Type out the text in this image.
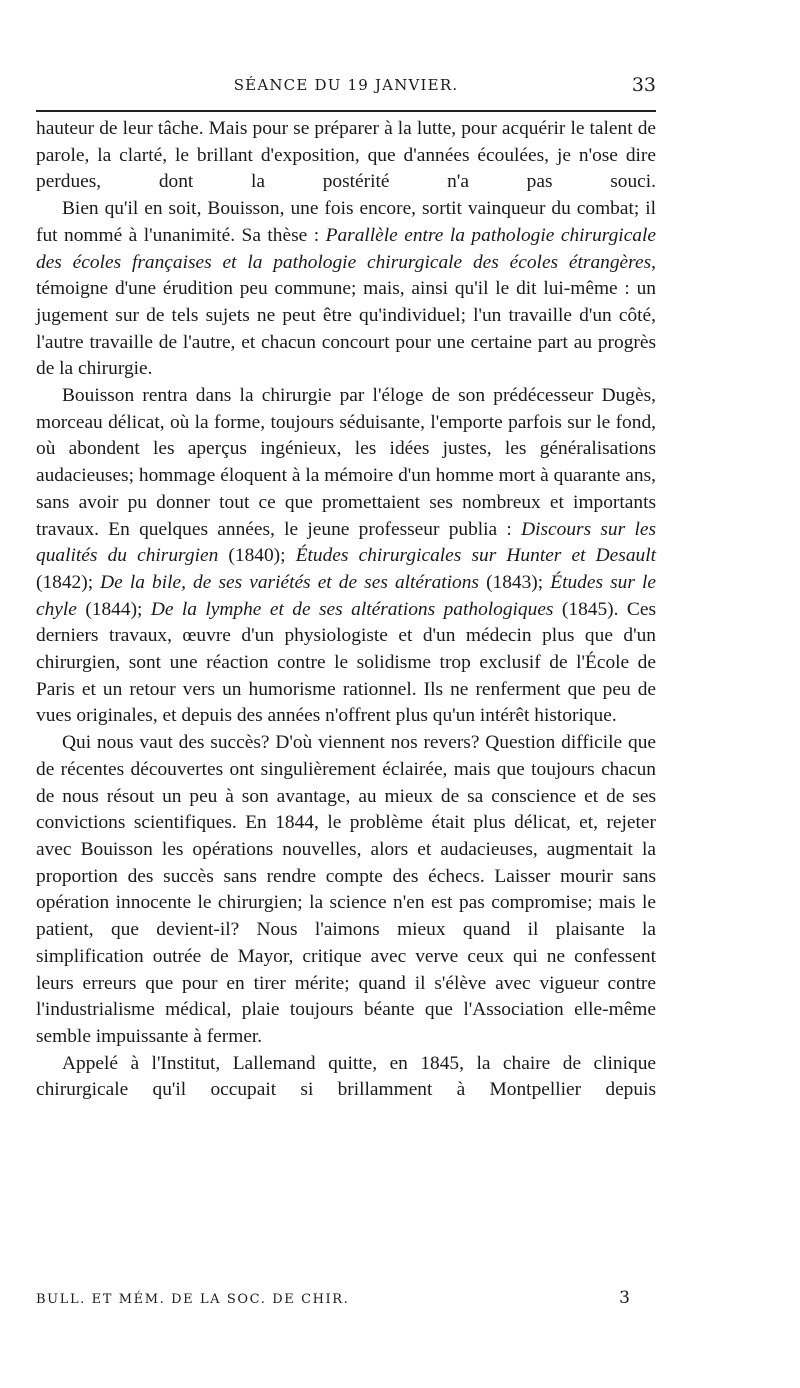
SÉANCE DU 19 JANVIER.	33

hauteur de leur tâche. Mais pour se préparer à la lutte, pour acquérir le talent de parole, la clarté, le brillant d'exposition, que d'années écoulées, je n'ose dire perdues, dont la postérité n'a pas souci.

Bien qu'il en soit, Bouisson, une fois encore, sortit vainqueur du combat; il fut nommé à l'unanimité. Sa thèse : Parallèle entre la pathologie chirurgicale des écoles françaises et la pathologie chirurgicale des écoles étrangères, témoigne d'une érudition peu commune; mais, ainsi qu'il le dit lui-même : un jugement sur de tels sujets ne peut être qu'individuel; l'un travaille d'un côté, l'autre travaille de l'autre, et chacun concourt pour une certaine part au progrès de la chirurgie.

Bouisson rentra dans la chirurgie par l'éloge de son prédécesseur Dugès, morceau délicat, où la forme, toujours séduisante, l'emporte parfois sur le fond, où abondent les aperçus ingénieux, les idées justes, les généralisations audacieuses; hommage éloquent à la mémoire d'un homme mort à quarante ans, sans avoir pu donner tout ce que promettaient ses nombreux et importants travaux. En quelques années, le jeune professeur publia : Discours sur les qualités du chirurgien (1840); Études chirurgicales sur Hunter et Desault (1842); De la bile, de ses variétés et de ses altérations (1843); Études sur le chyle (1844); De la lymphe et de ses altérations pathologiques (1845). Ces derniers travaux, œuvre d'un physiologiste et d'un médecin plus que d'un chirurgien, sont une réaction contre le solidisme trop exclusif de l'École de Paris et un retour vers un humorisme rationnel. Ils ne renferment que peu de vues originales, et depuis des années n'offrent plus qu'un intérêt historique.

Qui nous vaut des succès? D'où viennent nos revers? Question difficile que de récentes découvertes ont singulièrement éclairée, mais que toujours chacun de nous résout un peu à son avantage, au mieux de sa conscience et de ses convictions scientifiques. En 1844, le problème était plus délicat, et, rejeter avec Bouisson les opérations nouvelles, alors et audacieuses, augmentait la proportion des succès sans rendre compte des échecs. Laisser mourir sans opération innocente le chirurgien; la science n'en est pas compromise; mais le patient, que devient-il? Nous l'aimons mieux quand il plaisante la simplification outrée de Mayor, critique avec verve ceux qui ne confessent leurs erreurs que pour en tirer mérite; quand il s'élève avec vigueur contre l'industrialisme médical, plaie toujours béante que l'Association elle-même semble impuissante à fermer.

Appelé à l'Institut, Lallemand quitte, en 1845, la chaire de clinique chirurgicale qu'il occupait si brillamment à Montpellier depuis

BULL. ET MÉM. DE LA SOC. DE CHIR.	3
